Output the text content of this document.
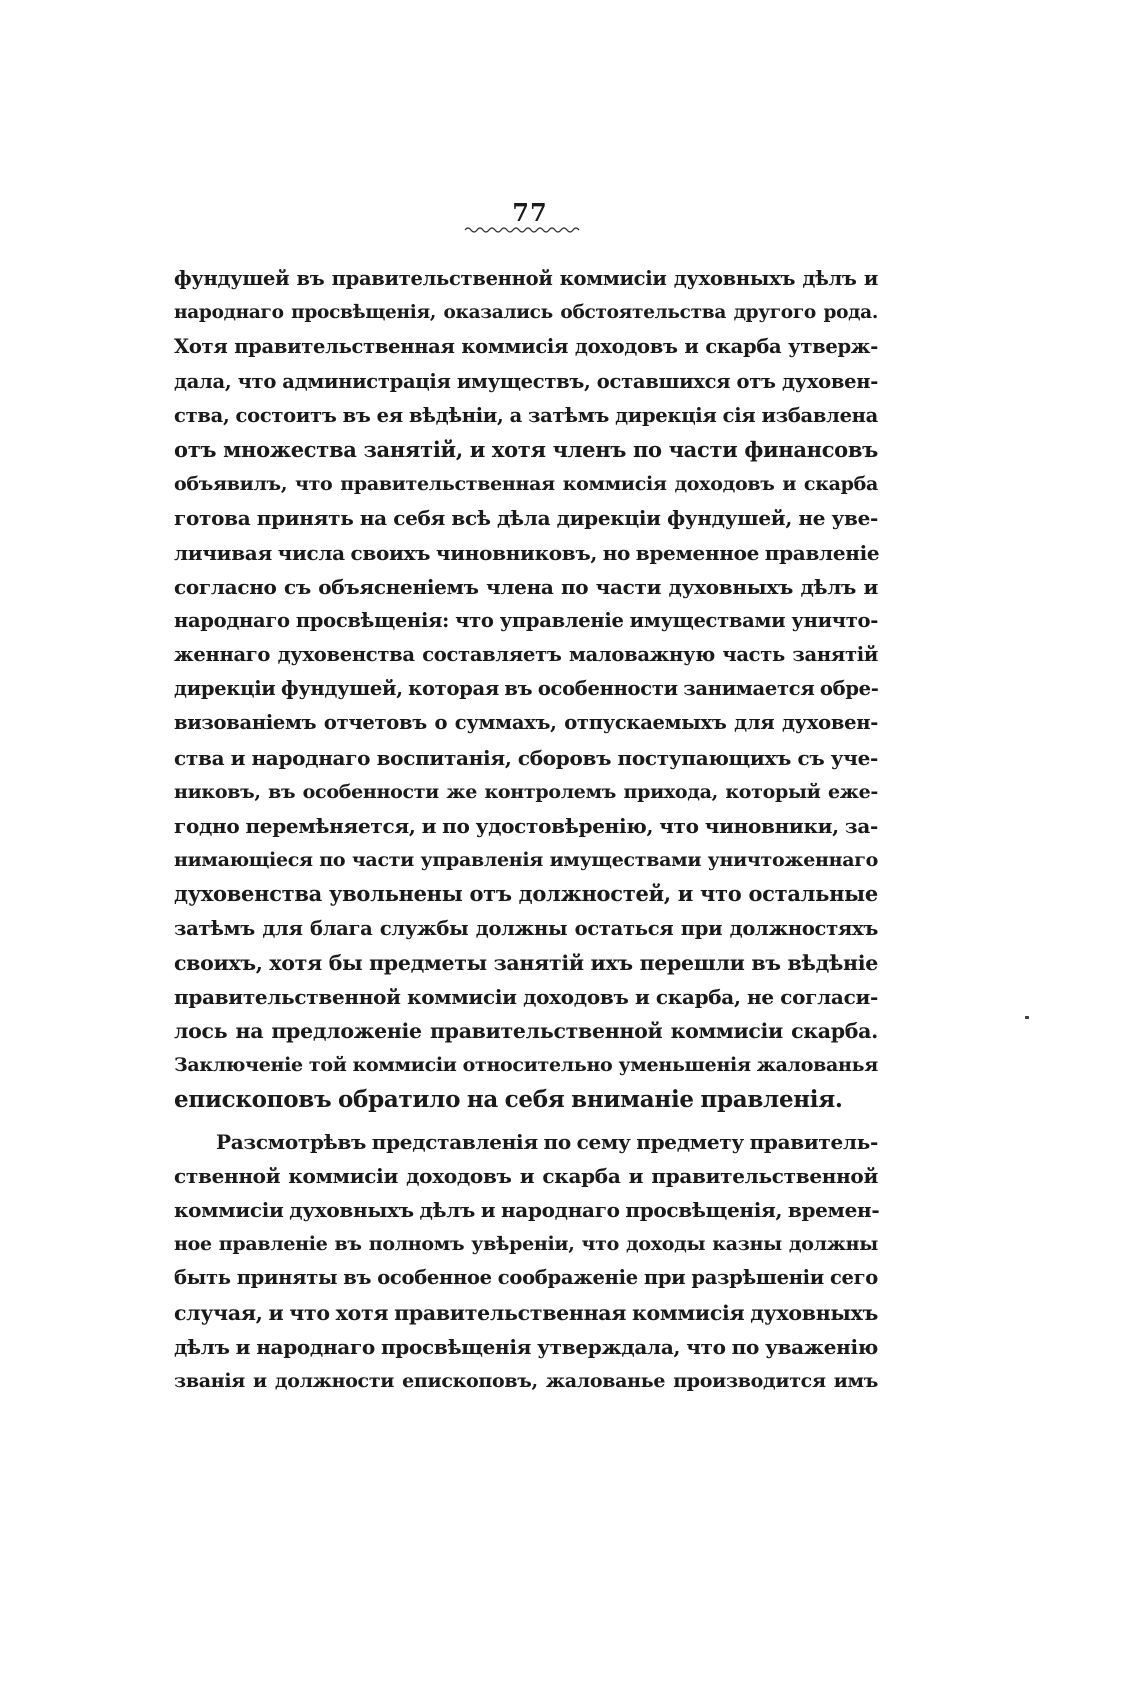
77
фундушей въ правительственной коммисіи духовныхъ дѣлъ и
народнаго просвѣщенія, оказались обстоятельства другого рода.
Хотя правительственная коммисія доходовъ и скарба утверж-
дала, что администрація имуществъ, оставшихся отъ духовен-
ства, состоитъ въ ея вѣдѣніи, а затѣмъ дирекція сія избавлена
отъ множества занятій, и хотя членъ по части финансовъ
объявилъ, что правительственная коммисія доходовъ и скарба
готова принять на себя всѣ дѣла дирекціи фундушей, не уве-
личивая числа своихъ чиновниковъ, но временное правленіе
согласно съ объясненіемъ члена по части духовныхъ дѣлъ и
народнаго просвѣщенія: что управленіе имуществами уничто-
женнаго духовенства составляетъ маловажную часть занятій
дирекціи фундушей, которая въ особенности занимается обре-
визованіемъ отчетовъ о суммахъ, отпускаемыхъ для духовен-
ства и народнаго воспитанія, сборовъ поступающихъ съ уче-
никовъ, въ особенности же контролемъ прихода, который еже-
годно перемѣняется, и по удостовѣренію, что чиновники, за-
нимающіеся по части управленія имуществами уничтоженнаго
духовенства увольнены отъ должностей, и что остальные
затѣмъ для блага службы должны остаться при должностяхъ
своихъ, хотя бы предметы занятій ихъ перешли въ вѣдѣніе
правительственной коммисіи доходовъ и скарба, не согласи-
лось на предложеніе правительственной коммисіи скарба.
Заключеніе той коммисіи относительно уменьшенія жалованья
епископовъ обратило на себя вниманіе правленія.
Разсмотрѣвъ представленія по сему предмету правитель-
ственной коммисіи доходовъ и скарба и правительственной
коммисіи духовныхъ дѣлъ и народнаго просвѣщенія, времен-
ное правленіе въ полномъ увѣреніи, что доходы казны должны
быть приняты въ особенное соображеніе при разрѣшеніи сего
случая, и что хотя правительственная коммисія духовныхъ
дѣлъ и народнаго просвѣщенія утверждала, что по уваженію
званія и должности епископовъ, жалованье производится имъ
